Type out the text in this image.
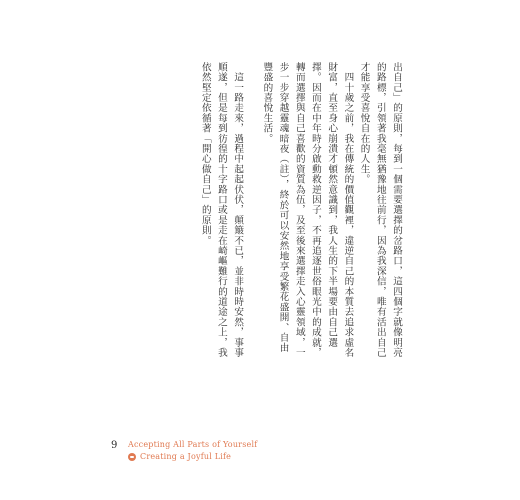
出自己」的原則，每到一個需要選擇的岔路口，這四個字就像明亮的路標，引領著我毫無猶豫地往前行，因為我深信，唯有活出自己才能享受喜悅自在的人生。

　四十歲之前，我在傳統的價值觀裡，違逆自己的本質去追求虛名財富，直至身心崩潰才頓然意識到，我人生的下半場要由自己選擇。因而在中年時分啟動救逆因子，不再追逐世俗眼光中的成就，轉而選擇與自己喜歡的資質為伍，及至後來選擇走入心靈領域，一步一步穿越靈魂暗夜（註），終於可以安然地享受繁花盛開、自由豐盛的喜悅生活。

　這一路走來，過程中起起伏伏，顛簸不已，並非時時安然，事事順遂，但是每到彷徨的十字路口或是走在崎嶇難行的道途之上，我依然堅定依循著「開心做自己」的原則。

9 Accepting All Parts of Yourself
Creating a Joyful Life
